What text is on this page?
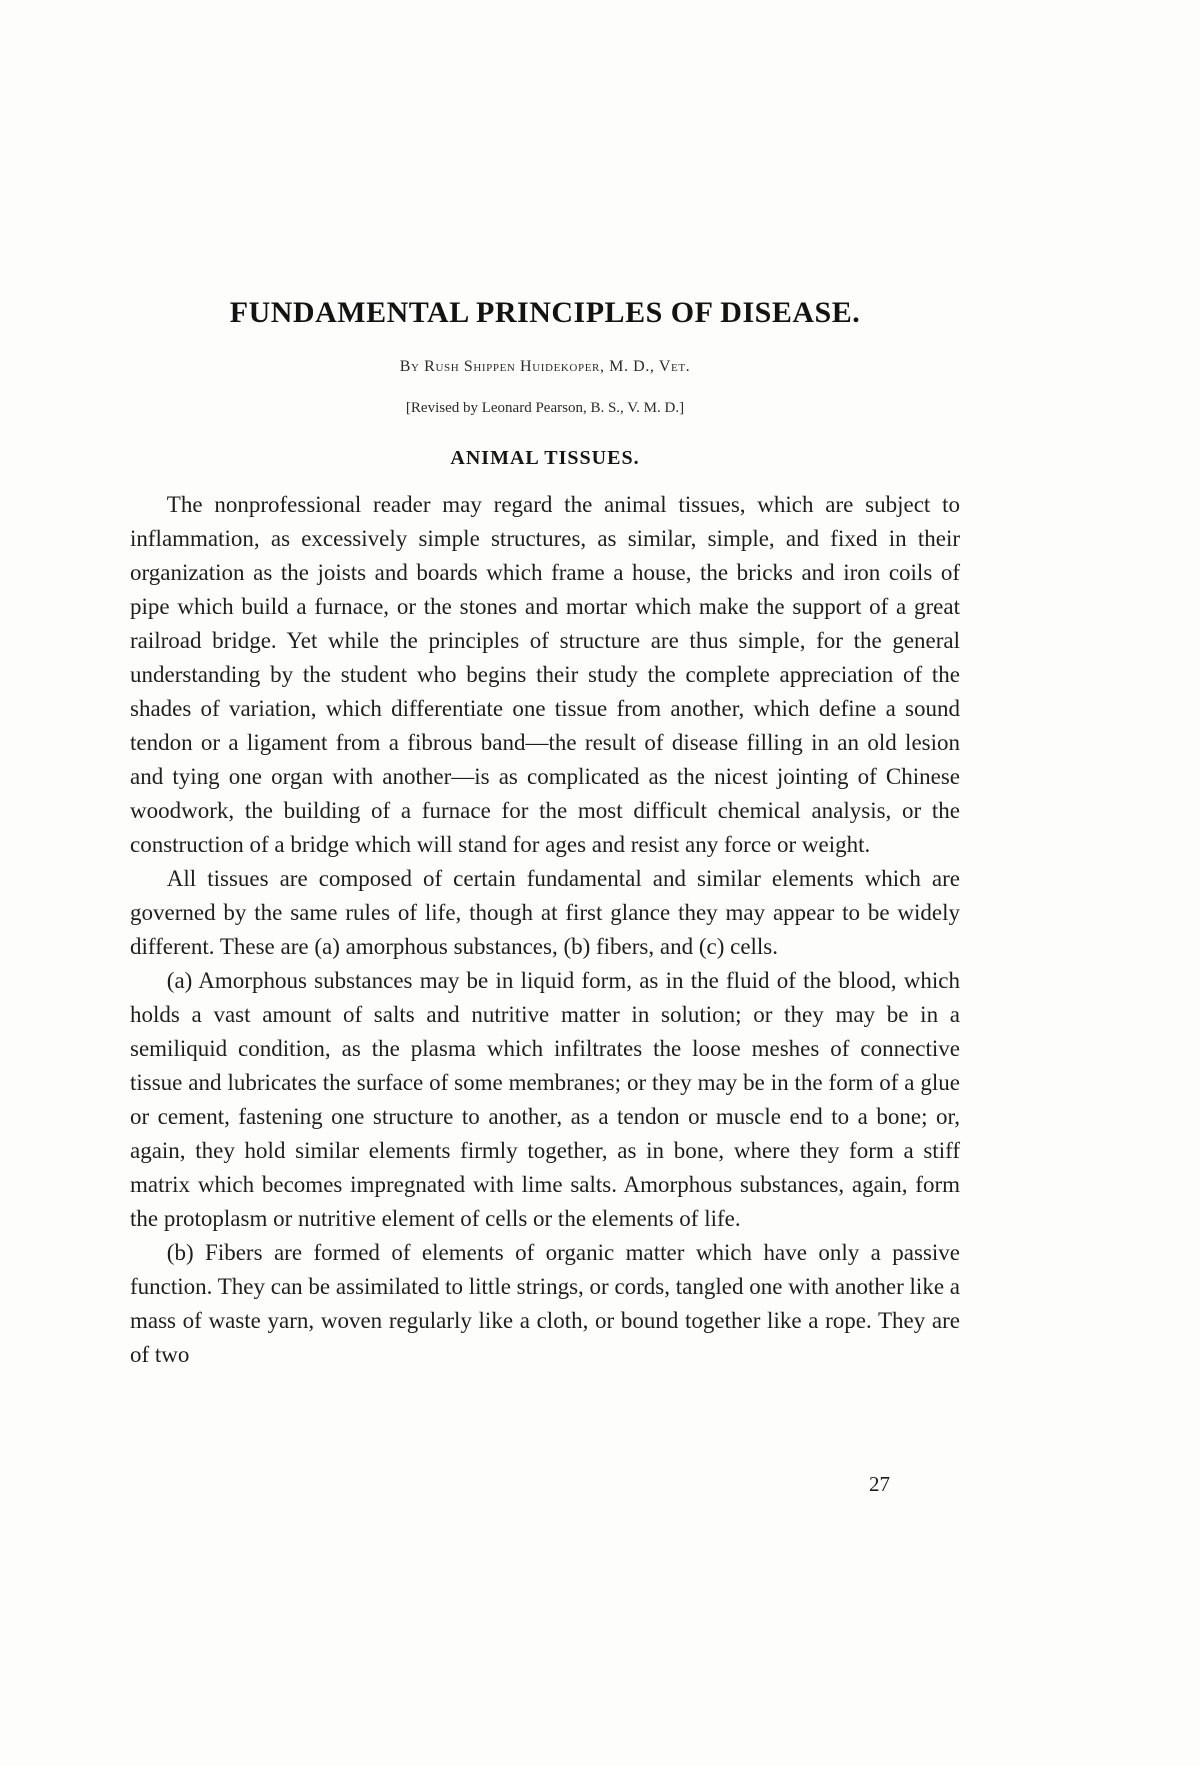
FUNDAMENTAL PRINCIPLES OF DISEASE.
By Rush Shippen Huidekoper, M. D., Vet.
[Revised by Leonard Pearson, B. S., V. M. D.]
ANIMAL TISSUES.

The nonprofessional reader may regard the animal tissues, which are subject to inflammation, as excessively simple structures, as similar, simple, and fixed in their organization as the joists and boards which frame a house, the bricks and iron coils of pipe which build a furnace, or the stones and mortar which make the support of a great railroad bridge. Yet while the principles of structure are thus simple, for the general understanding by the student who begins their study the complete appreciation of the shades of variation, which differentiate one tissue from another, which define a sound tendon or a ligament from a fibrous band—the result of disease filling in an old lesion and tying one organ with another—is as complicated as the nicest jointing of Chinese woodwork, the building of a furnace for the most difficult chemical analysis, or the construction of a bridge which will stand for ages and resist any force or weight.

All tissues are composed of certain fundamental and similar elements which are governed by the same rules of life, though at first glance they may appear to be widely different. These are (a) amorphous substances, (b) fibers, and (c) cells.

(a) Amorphous substances may be in liquid form, as in the fluid of the blood, which holds a vast amount of salts and nutritive matter in solution; or they may be in a semiliquid condition, as the plasma which infiltrates the loose meshes of connective tissue and lubricates the surface of some membranes; or they may be in the form of a glue or cement, fastening one structure to another, as a tendon or muscle end to a bone; or, again, they hold similar elements firmly together, as in bone, where they form a stiff matrix which becomes impregnated with lime salts. Amorphous substances, again, form the protoplasm or nutritive element of cells or the elements of life.

(b) Fibers are formed of elements of organic matter which have only a passive function. They can be assimilated to little strings, or cords, tangled one with another like a mass of waste yarn, woven regularly like a cloth, or bound together like a rope. They are of two

27
